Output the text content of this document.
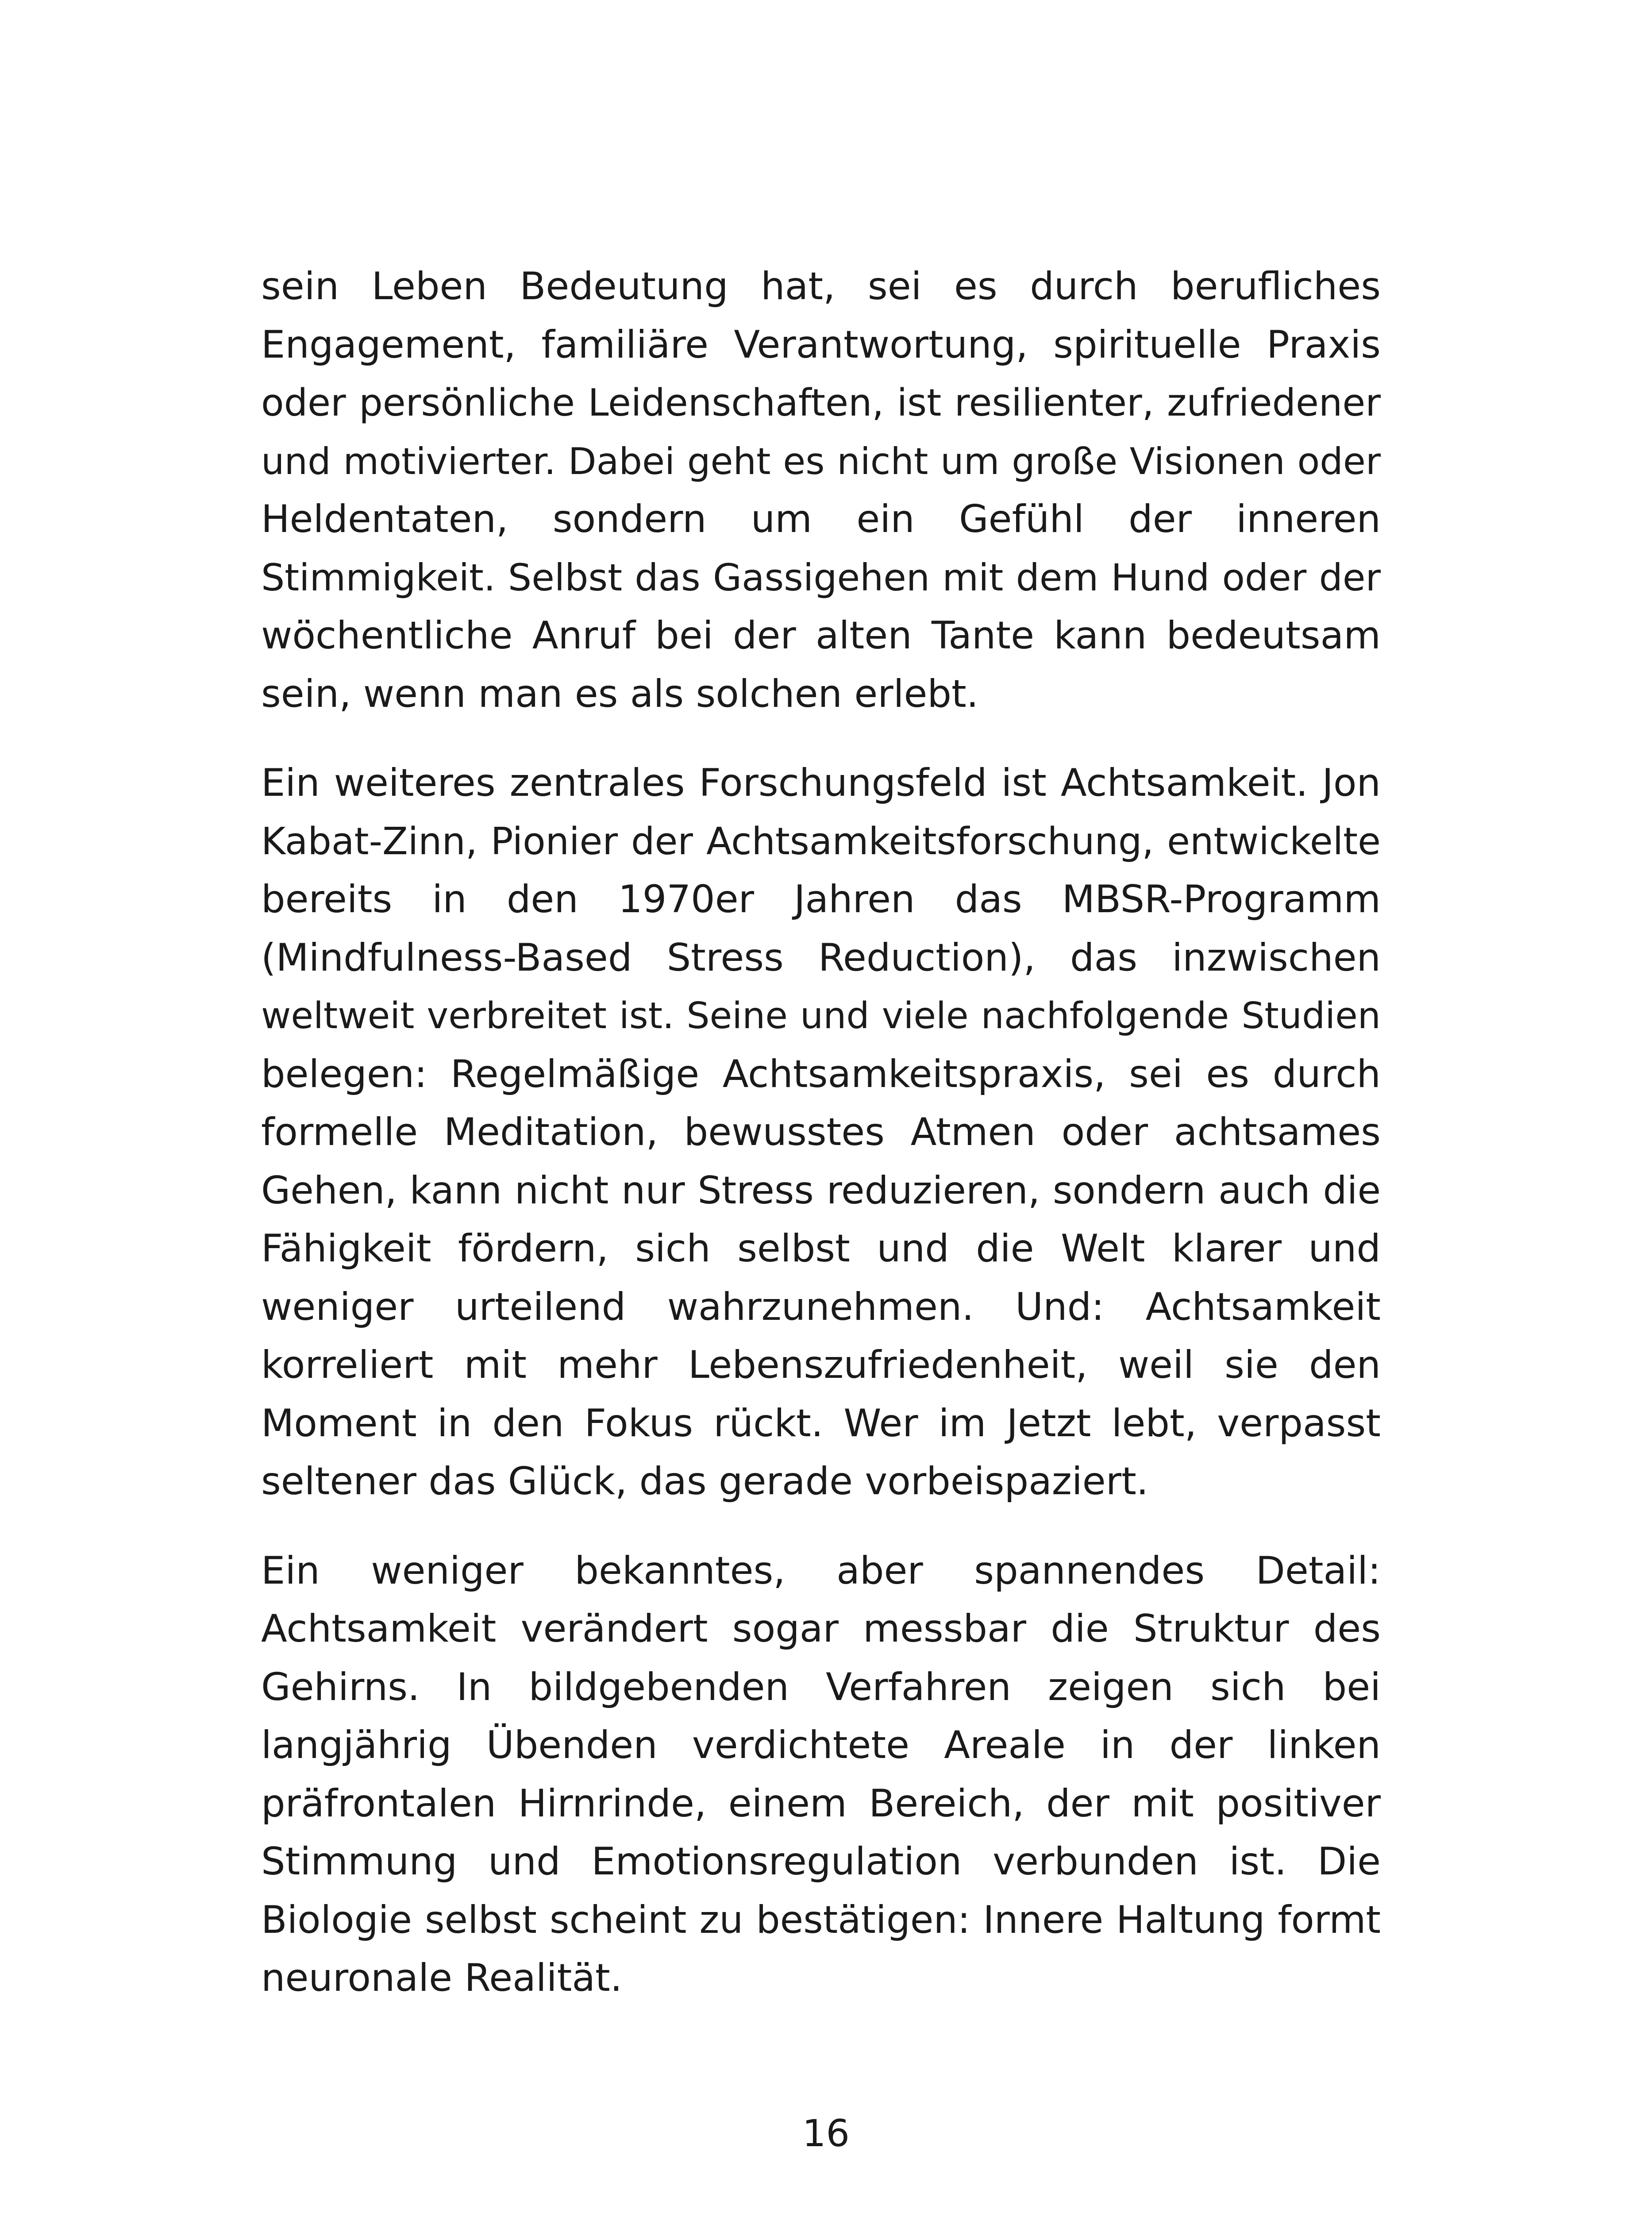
sein Leben Bedeutung hat, sei es durch berufliches
Engagement, familiäre Verantwortung, spirituelle Praxis
oder persönliche Leidenschaften, ist resilienter, zufriedener
und motivierter. Dabei geht es nicht um große Visionen oder
Heldentaten, sondern um ein Gefühl der inneren
Stimmigkeit. Selbst das Gassigehen mit dem Hund oder der
wöchentliche Anruf bei der alten Tante kann bedeutsam
sein, wenn man es als solchen erlebt.

Ein weiteres zentrales Forschungsfeld ist Achtsamkeit. Jon
Kabat-Zinn, Pionier der Achtsamkeitsforschung, entwickelte
bereits in den 1970er Jahren das MBSR-Programm
(Mindfulness-Based Stress Reduction), das inzwischen
weltweit verbreitet ist. Seine und viele nachfolgende Studien
belegen: Regelmäßige Achtsamkeitspraxis, sei es durch
formelle Meditation, bewusstes Atmen oder achtsames
Gehen, kann nicht nur Stress reduzieren, sondern auch die
Fähigkeit fördern, sich selbst und die Welt klarer und
weniger urteilend wahrzunehmen. Und: Achtsamkeit
korreliert mit mehr Lebenszufriedenheit, weil sie den
Moment in den Fokus rückt. Wer im Jetzt lebt, verpasst
seltener das Glück, das gerade vorbeispaziert.

Ein weniger bekanntes, aber spannendes Detail:
Achtsamkeit verändert sogar messbar die Struktur des
Gehirns. In bildgebenden Verfahren zeigen sich bei
langjährig Übenden verdichtete Areale in der linken
präfrontalen Hirnrinde, einem Bereich, der mit positiver
Stimmung und Emotionsregulation verbunden ist. Die
Biologie selbst scheint zu bestätigen: Innere Haltung formt
neuronale Realität.

16
